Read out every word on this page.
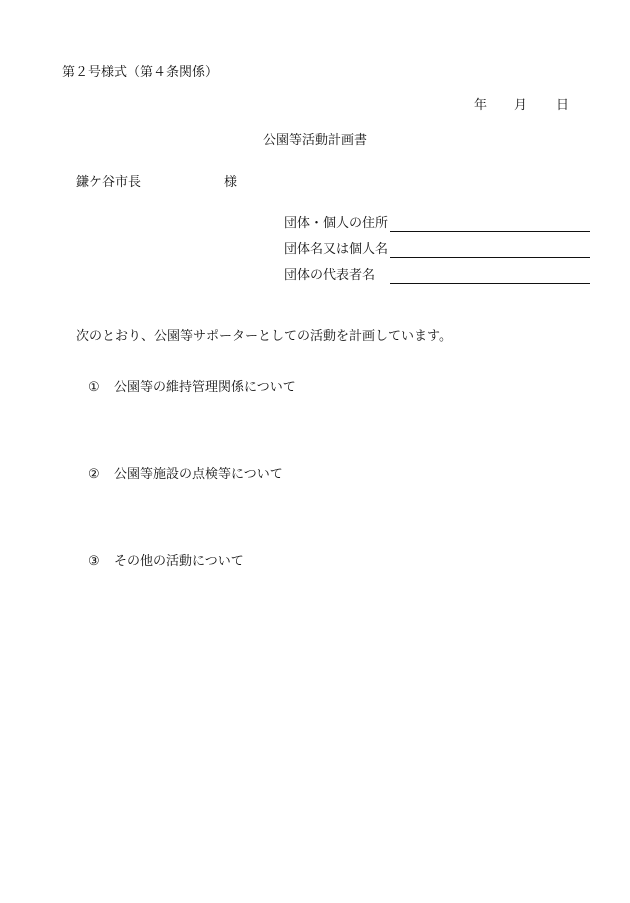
第２号様式（第４条関係）
年 月 日
公園等活動計画書
鎌ケ谷市長	様
団体・個人の住所
団体名又は個人名
団体の代表者名
次のとおり、公園等サポーターとしての活動を計画しています。
① 公園等の維持管理関係について
② 公園等施設の点検等について
③ その他の活動について
